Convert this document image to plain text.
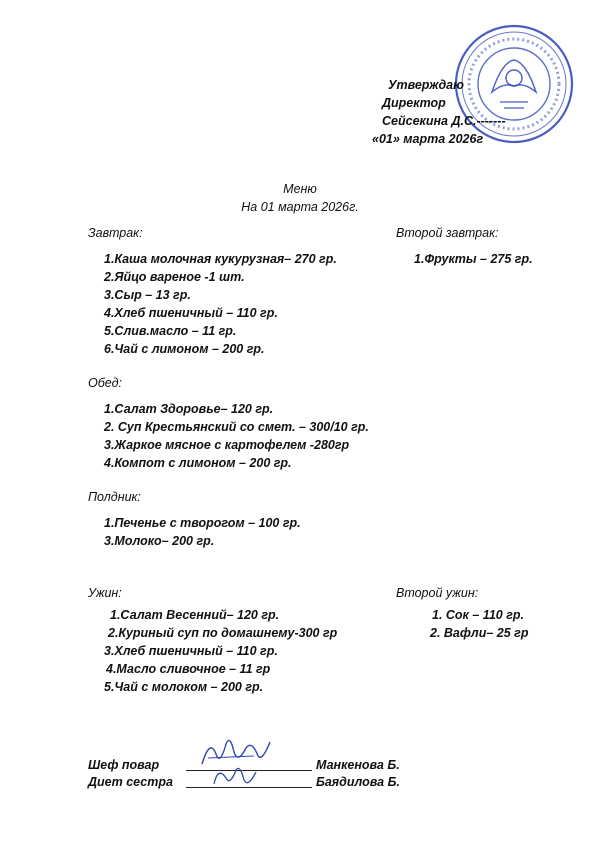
Утверждаю
Директор
Сейсекина Д.С.-------
«01» марта 2026г
Меню
На 01 марта 2026г.
Завтрак:
1.Каша молочная кукурузная– 270 гр.
2.Яйцо вареное -1 шт.
3.Сыр – 13 гр.
4.Хлеб пшеничный – 110 гр.
5.Слив.масло – 11 гр.
6.Чай с лимоном – 200 гр.
Второй завтрак:
1.Фрукты – 275 гр.
Обед:
1.Салат Здоровье– 120 гр.
2. Суп Крестьянский со смет. – 300/10 гр.
3.Жаркое мясное с картофелем -280гр
4.Компот с лимоном – 200 гр.
Полдник:
1.Печенье с творогом – 100 гр.
3.Молоко– 200 гр.
Ужин:
1.Салат Весенний– 120 гр.
2.Куриный суп по домашнему-300 гр
3.Хлеб пшеничный – 110 гр.
4.Масло сливочное – 11 гр
5.Чай с молоком – 200 гр.
Второй ужин:
1. Сок – 110 гр.
2. Вафли– 25 гр
Шеф повар	Манкенова Б.
Диет сестра	Баядилова Б.
